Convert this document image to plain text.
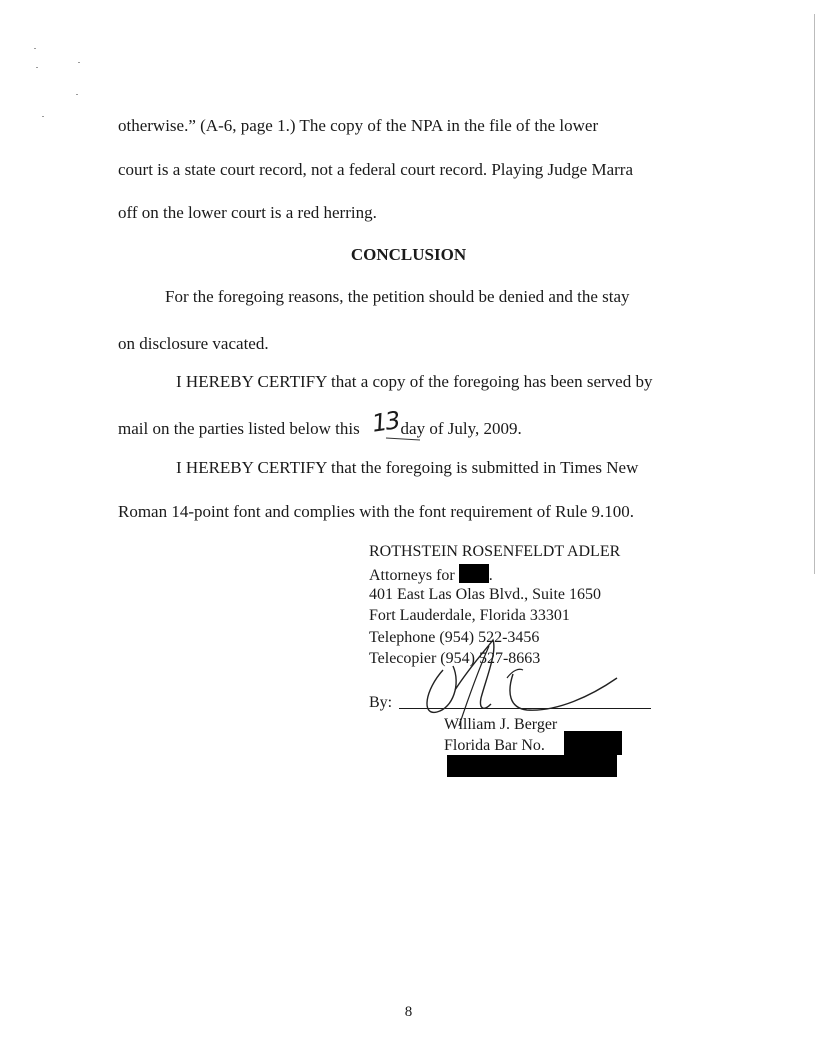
otherwise.” (A-6, page 1.) The copy of the NPA in the file of the lower
court is a state court record, not a federal court record. Playing Judge Marra
off on the lower court is a red herring.
CONCLUSION
For the foregoing reasons, the petition should be denied and the stay
on disclosure vacated.
I HEREBY CERTIFY that a copy of the foregoing has been served by
mail on the parties listed below this 13day of July, 2009.
I HEREBY CERTIFY that the foregoing is submitted in Times New
Roman 14-point font and complies with the font requirement of Rule 9.100.
ROTHSTEIN ROSENFELDT ADLER
Attorneys for .
401 East Las Olas Blvd., Suite 1650
Fort Lauderdale, Florida 33301
Telephone (954) 522-3456
Telecopier (954) 527-8663
By:
William J. Berger
Florida Bar No.
8
